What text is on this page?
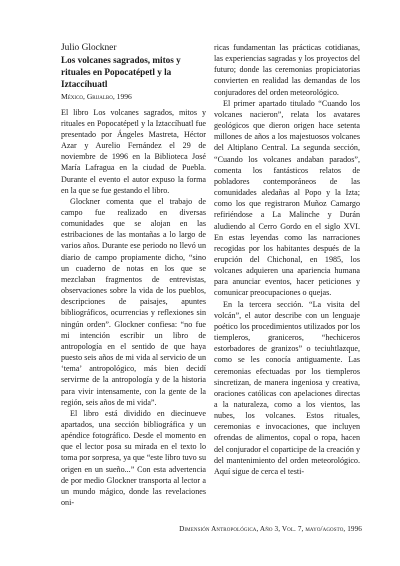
Julio Glockner

Los volcanes sagrados, mitos y rituales en Popocatépetl y la Iztaccíhuatl

México, Grijalbo, 1996

El libro Los volcanes sagrados, mitos y rituales en Popocatépetl y la Iztaccíhuatl fue presentado por Ángeles Mastreta, Héctor Azar y Aurelio Fernández el 29 de noviembre de 1996 en la Biblioteca José María Lafragua en la ciudad de Puebla. Durante el evento el autor expuso la forma en la que se fue gestando el libro.

Glockner comenta que el trabajo de campo fue realizado en diversas comunidades que se alojan en las estribaciones de las montañas a lo largo de varios años. Durante ese periodo no llevó un diario de campo propiamente dicho, “sino un cuaderno de notas en los que se mezclaban fragmentos de entrevistas, observaciones sobre la vida de los pueblos, descripciones de paisajes, apuntes bibliográficos, ocurrencias y reflexiones sin ningún orden”. Glockner confiesa: “no fue mi intención escribir un libro de antropología en el sentido de que haya puesto seis años de mi vida al servicio de un ‘tema’ antropológico, más bien decidí servirme de la antropología y de la historia para vivir intensamente, con la gente de la región, seis años de mi vida”.

El libro está dividido en diecinueve apartados, una sección bibliográfica y un apéndice fotográfico. Desde el momento en que el lector posa su mirada en el texto lo toma por sorpresa, ya que “este libro tuvo su origen en un sueño...” Con esta advertencia de por medio Glockner transporta al lector a un mundo mágico, donde las revelaciones oni-

ricas fundamentan las prácticas cotidianas, las experiencias sagradas y los proyectos del futuro; donde las ceremonias propiciatorias convierten en realidad las demandas de los conjuradores del orden meteorológico.

El primer apartado titulado “Cuando los volcanes nacieron”, relata los avatares geológicos que dieron origen hace setenta millones de años a los majestuosos volcanes del Altiplano Central. La segunda sección, “Cuando los volcanes andaban parados”, comenta los fantásticos relatos de pobladores contemporáneos de las comunidades aledañas al Popo y la Izta; como los que registraron Muñoz Camargo refiriéndose a La Malinche y Durán aludiendo al Cerro Gordo en el siglo XVI. En estas leyendas como las narraciones recogidas por los habitantes después de la erupción del Chichonal, en 1985, los volcanes adquieren una apariencia humana para anunciar eventos, hacer peticiones y comunicar preocupaciones o quejas.

En la tercera sección. “La visita del volcán”, el autor describe con un lenguaje poético los procedimientos utilizados por los tiempleros, graniceros, “hechiceros estorbadores de granizos” o teciuhtlazque, como se les conocía antiguamente. Las ceremonias efectuadas por los tiempleros sincretizan, de manera ingeniosa y creativa, oraciones católicas con apelaciones directas a la naturaleza, como a los vientos, las nubes, los volcanes. Estos rituales, ceremonias e invocaciones, que incluyen ofrendas de alimentos, copal o ropa, hacen del conjurador el coparticipe de la creación y del mantenimiento del orden meteorológico. Aquí sigue de cerca el testi-

Dimensión Antropológica, Año 3, Vol. 7, mayo/agosto, 1996
